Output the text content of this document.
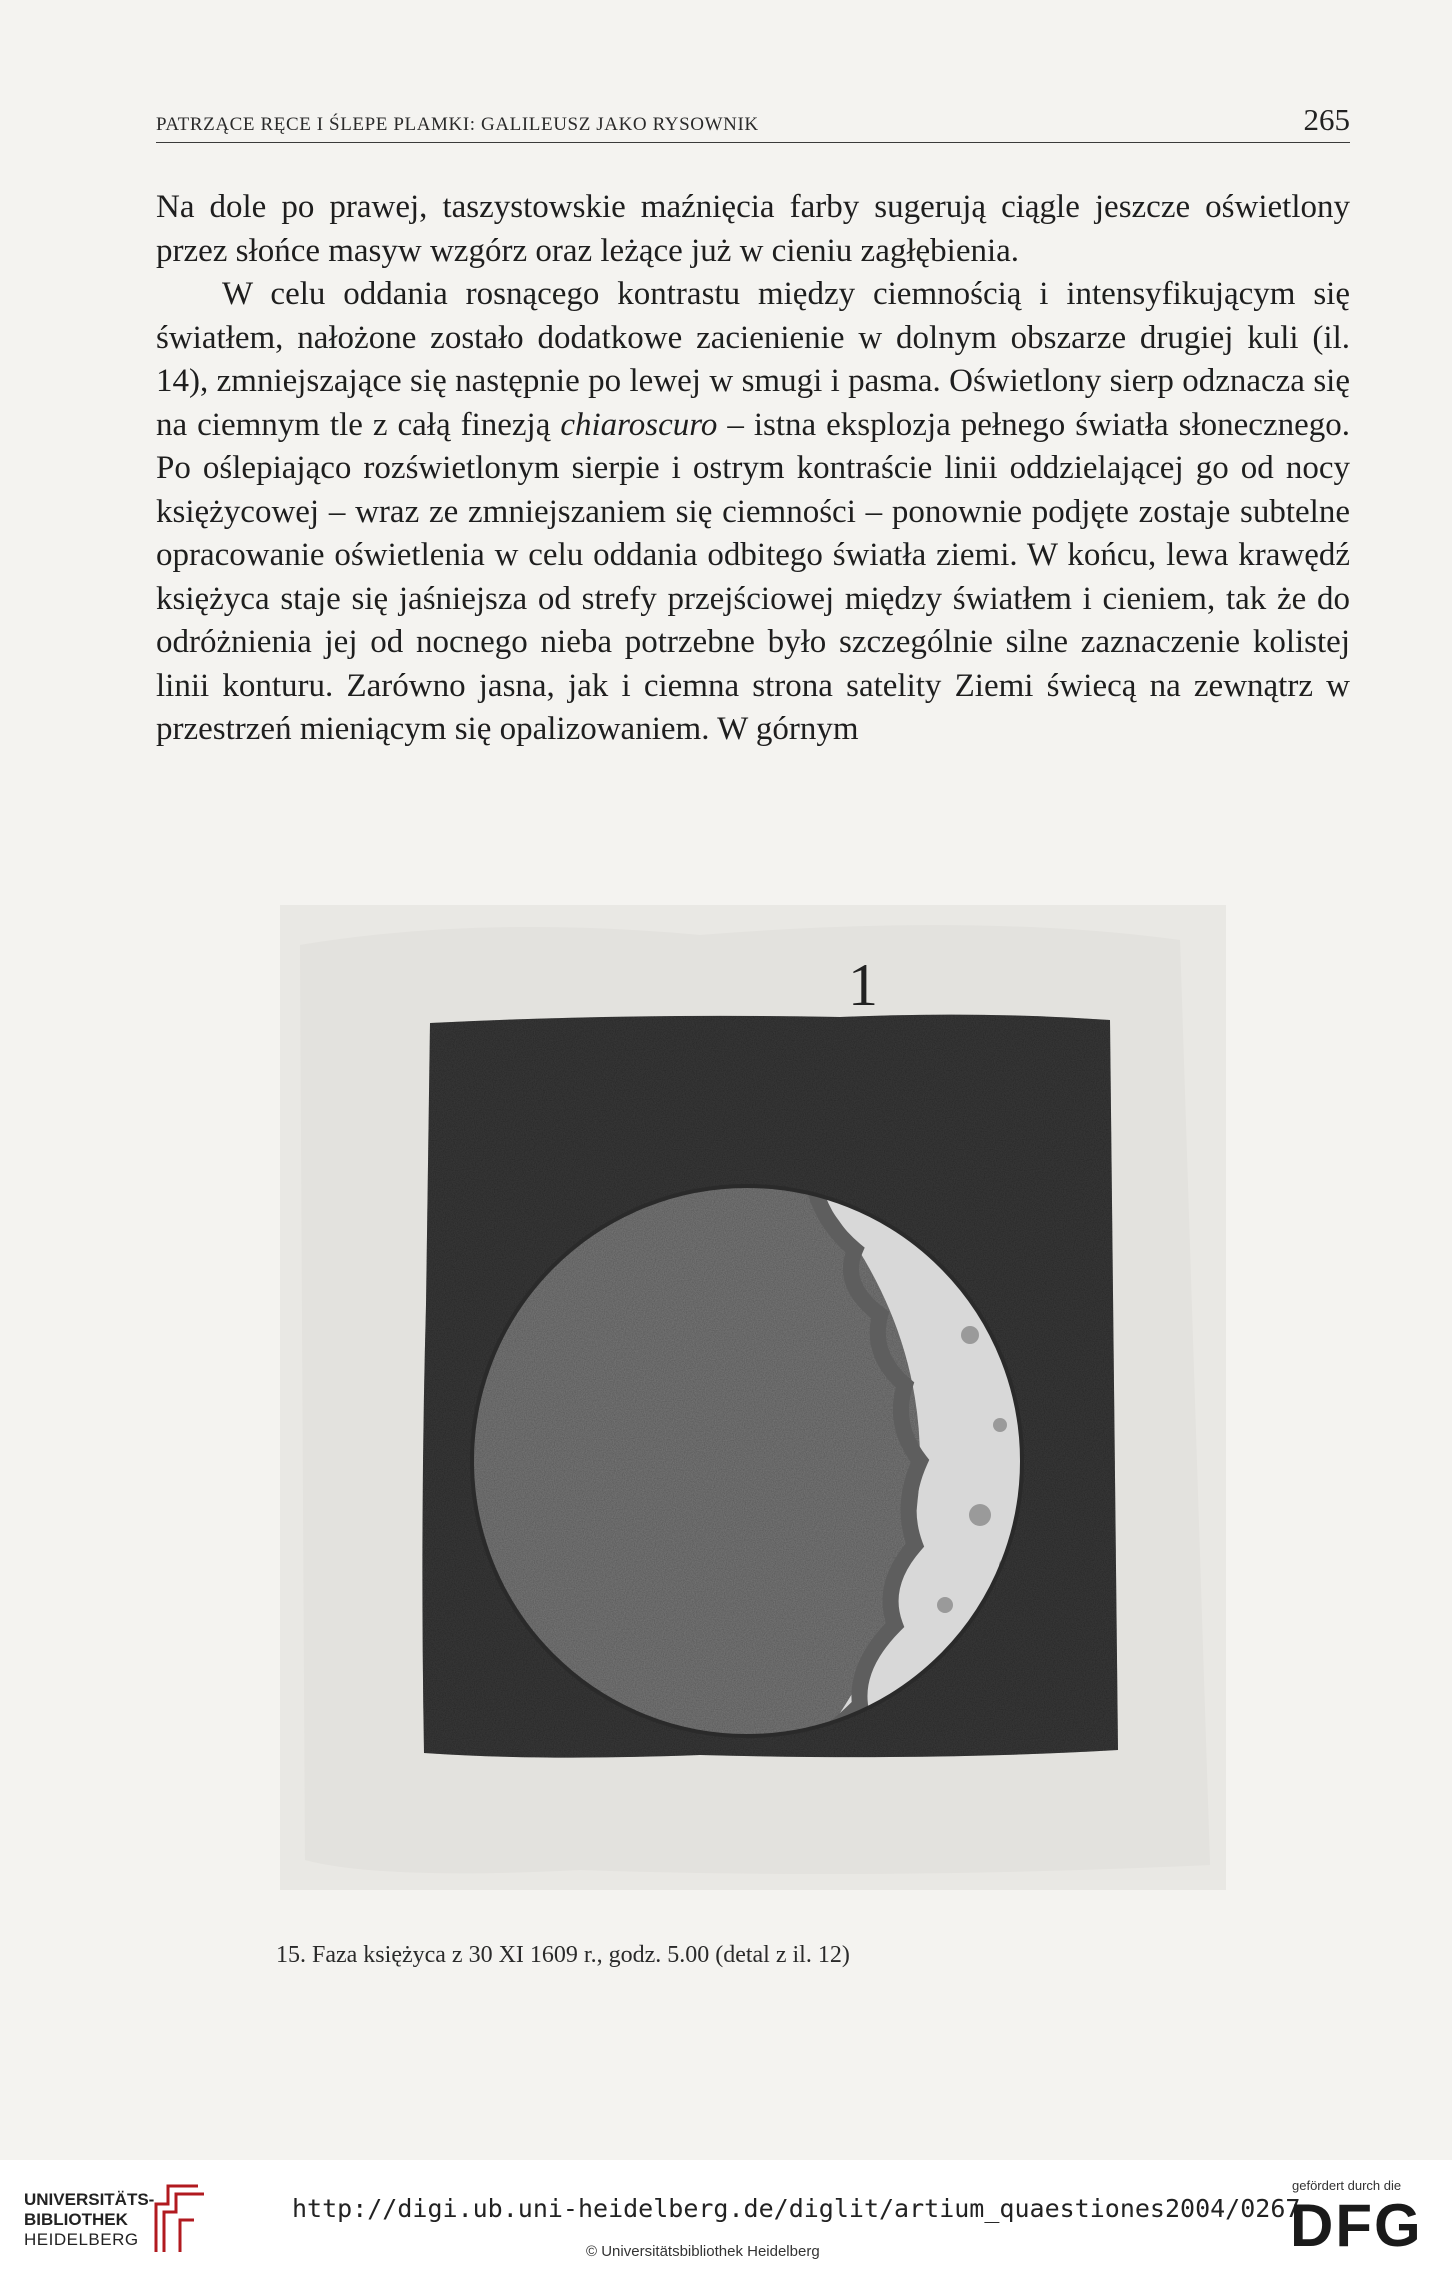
PATRZĄCE RĘCE I ŚLEPE PLAMKI: GALILEUSZ JAKO RYSOWNIK	265

Na dole po prawej, taszystowskie maźnięcia farby sugerują ciągle jeszcze oświetlony przez słońce masyw wzgórz oraz leżące już w cieniu zagłębienia.

W celu oddania rosnącego kontrastu między ciemnością i intensyfikującym się światłem, nałożone zostało dodatkowe zacienienie w dolnym obszarze drugiej kuli (il. 14), zmniejszające się następnie po lewej w smugi i pasma. Oświetlony sierp odznacza się na ciemnym tle z całą finezją chiaroscuro – istna eksplozja pełnego światła słonecznego. Po oślepiająco rozświetlonym sierpie i ostrym kontraście linii oddzielającej go od nocy księżycowej – wraz ze zmniejszaniem się ciemności – ponownie podjęte zostaje subtelne opracowanie oświetlenia w celu oddania odbitego światła ziemi. W końcu, lewa krawędź księżyca staje się jaśniejsza od strefy przejściowej między światłem i cieniem, tak że do odróżnienia jej od nocnego nieba potrzebne było szczególnie silne zaznaczenie kolistej linii konturu. Zarówno jasna, jak i ciemna strona satelity Ziemi świecą na zewnątrz w przestrzeń mieniącym się opalizowaniem. W górnym

1
15. Faza księżyca z 30 XI 1609 r., godz. 5.00 (detal z il. 12)
UNIVERSITÄTS-
BIBLIOTHEK
HEIDELBERG
http://digi.ub.uni-heidelberg.de/diglit/artium_quaestiones2004/0267
© Universitätsbibliothek Heidelberg
gefördert durch die
DFG
